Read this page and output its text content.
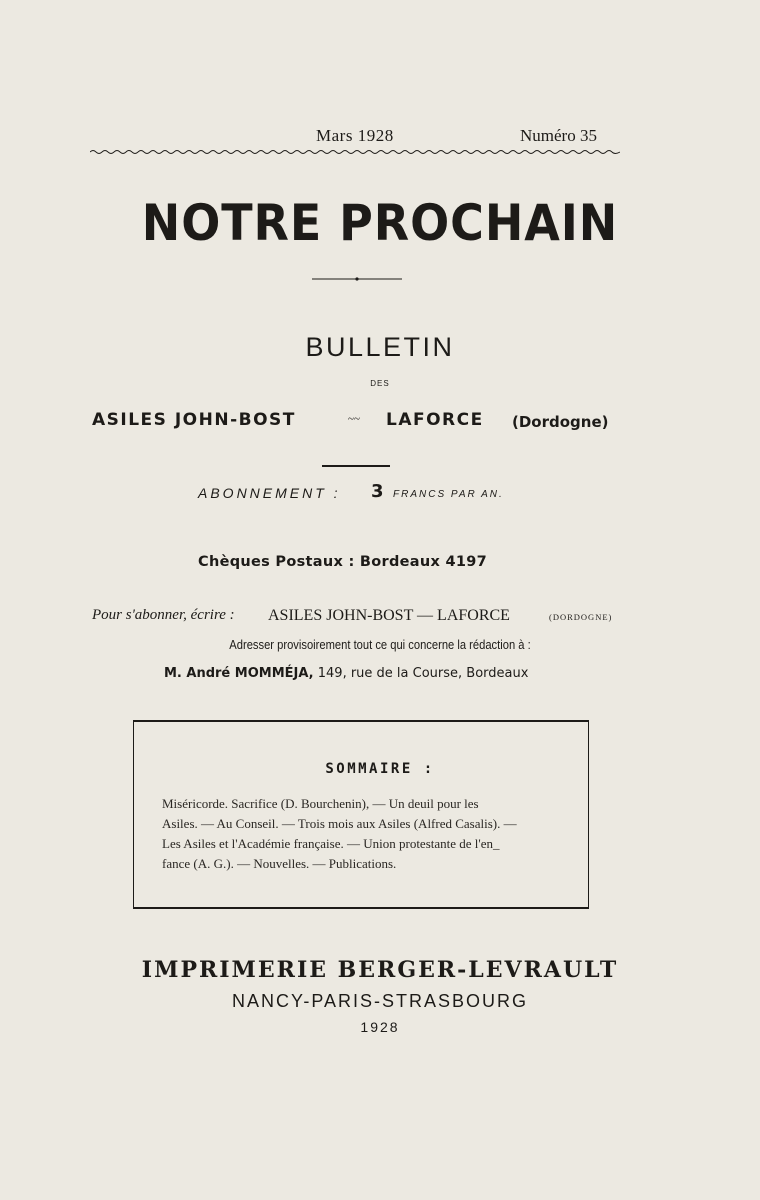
Mars 1928	Numéro 35
NOTRE PROCHAIN
BULLETIN
DES
ASILES JOHN-BOST	~~ LAFORCE (Dordogne)
ABONNEMENT : 3 FRANCS PAR AN.
Chèques Postaux : Bordeaux 4197
Pour s'abonner, écrire : ASILES JOHN-BOST — LAFORCE	(DORDOGNE)
Adresser provisoirement tout ce qui concerne la rédaction à :
M. André MOMMÉJA, 149, rue de la Course, Bordeaux
SOMMAIRE :
Miséricorde. Sacrifice (D. Bourchenin), — Un deuil pour les
Asiles. — Au Conseil. — Trois mois aux Asiles (Alfred Casalis). —
Les Asiles et l'Académie française. — Union protestante de l'en_
fance (A. G.). — Nouvelles. — Publications.
IMPRIMERIE BERGER-LEVRAULT
NANCY-PARIS-STRASBOURG
1928
